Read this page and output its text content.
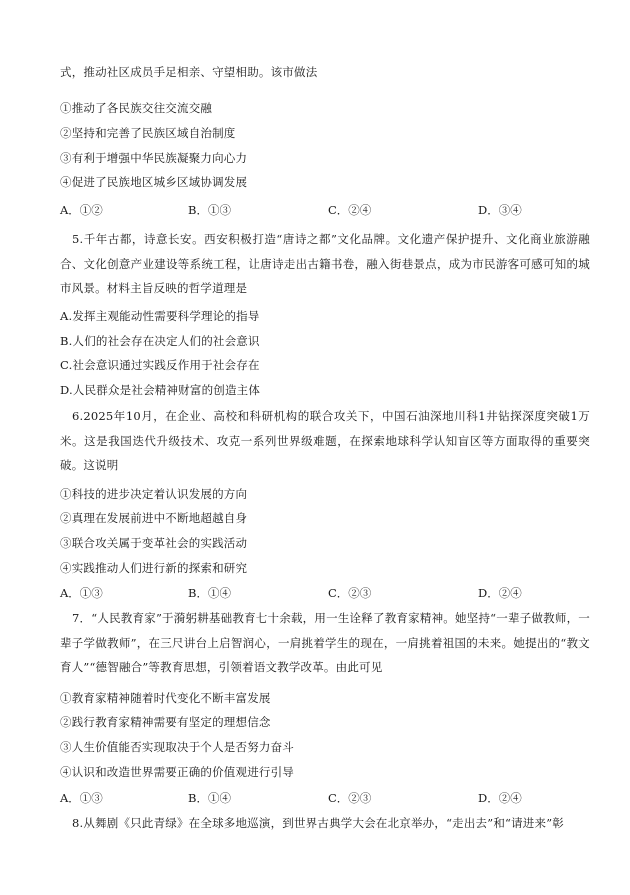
式，推动社区成员手足相亲、守望相助。该市做法
①推动了各民族交往交流交融
②坚持和完善了民族区域自治制度
③有利于增强中华民族凝聚力向心力
④促进了民族地区城乡区域协调发展
A．①②	B．①③	C．②④	D．③④
5.千年古都，诗意长安。西安积极打造“唐诗之都”文化品牌。文化遗产保护提升、文化商业旅游融合、文化创意产业建设等系统工程，让唐诗走出古籍书卷，融入街巷景点，成为市民游客可感可知的城市风景。材料主旨反映的哲学道理是
A.发挥主观能动性需要科学理论的指导
B.人们的社会存在决定人们的社会意识
C.社会意识通过实践反作用于社会存在
D.人民群众是社会精神财富的创造主体
6.2025年10月，在企业、高校和科研机构的联合攻关下，中国石油深地川科1井钻探深度突破1万米。这是我国迭代升级技术、攻克一系列世界级难题，在探索地球科学认知盲区等方面取得的重要突破。这说明
①科技的进步决定着认识发展的方向
②真理在发展前进中不断地超越自身
③联合攻关属于变革社会的实践活动
④实践推动人们进行新的探索和研究
A．①③	B．①④	C．②③	D．②④
7．“人民教育家”于漪躬耕基础教育七十余载，用一生诠释了教育家精神。她坚持“一辈子做教师，一辈子学做教师”，在三尺讲台上启智润心，一肩挑着学生的现在，一肩挑着祖国的未来。她提出的“教文育人”“德智融合”等教育思想，引领着语文教学改革。由此可见
①教育家精神随着时代变化不断丰富发展
②践行教育家精神需要有坚定的理想信念
③人生价值能否实现取决于个人是否努力奋斗
④认识和改造世界需要正确的价值观进行引导
A．①③	B．①④	C．②③	D．②④
8.从舞剧《只此青绿》在全球多地巡演，到世界古典学大会在北京举办，“走出去”和“请进来”彰
